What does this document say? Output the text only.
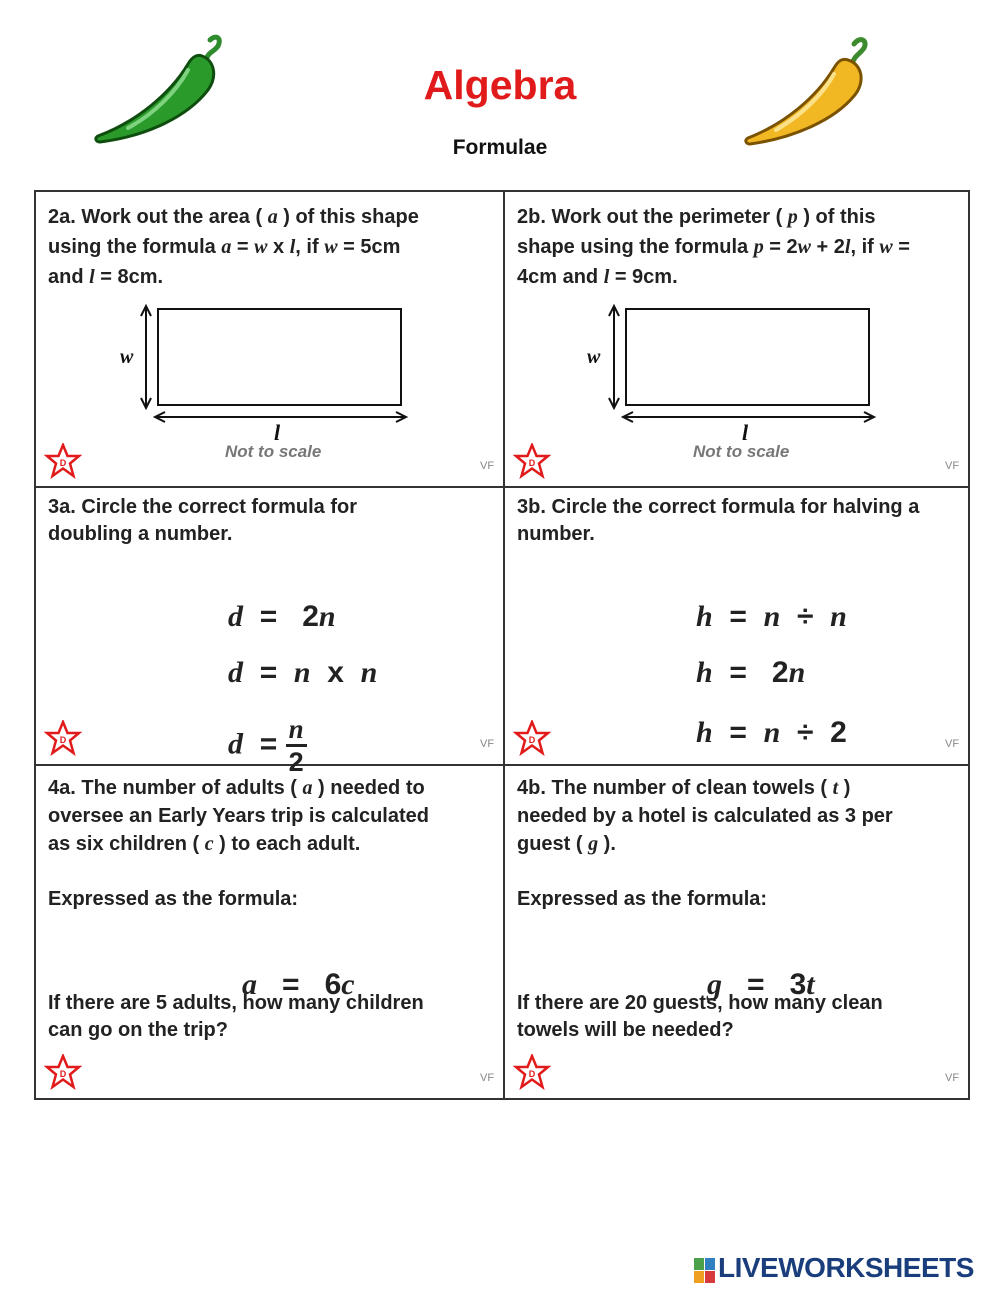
Algebra
Formulae
2a. Work out the area ( a ) of this shape
using the formula a = w x l, if w = 5cm
and l = 8cm.
w
l
Not to scale
D	VF
2b. Work out the perimeter ( p ) of this
shape using the formula p = 2w + 2l, if w =
4cm and l = 9cm.
w
l
Not to scale
D	VF
3a. Circle the correct formula for
doubling a number.

d = 2n

d = n x n

$d = \frac{n}{2}$

D	VF
3b. Circle the correct formula for halving a
number.

h = n ÷ n

h = 2n

h = n ÷ 2

D	VF
4a. The number of adults ( a ) needed to
oversee an Early Years trip is calculated
as six children ( c ) to each adult.
Expressed as the formula:

a = 6c

If there are 5 adults, how many children
can go on the trip?
D	VF
4b. The number of clean towels ( t )
needed by a hotel is calculated as 3 per
guest ( g ).
Expressed as the formula:

g = 3t

If there are 20 guests, how many clean
towels will be needed?
D	VF
LIVEWORKSHEETS
